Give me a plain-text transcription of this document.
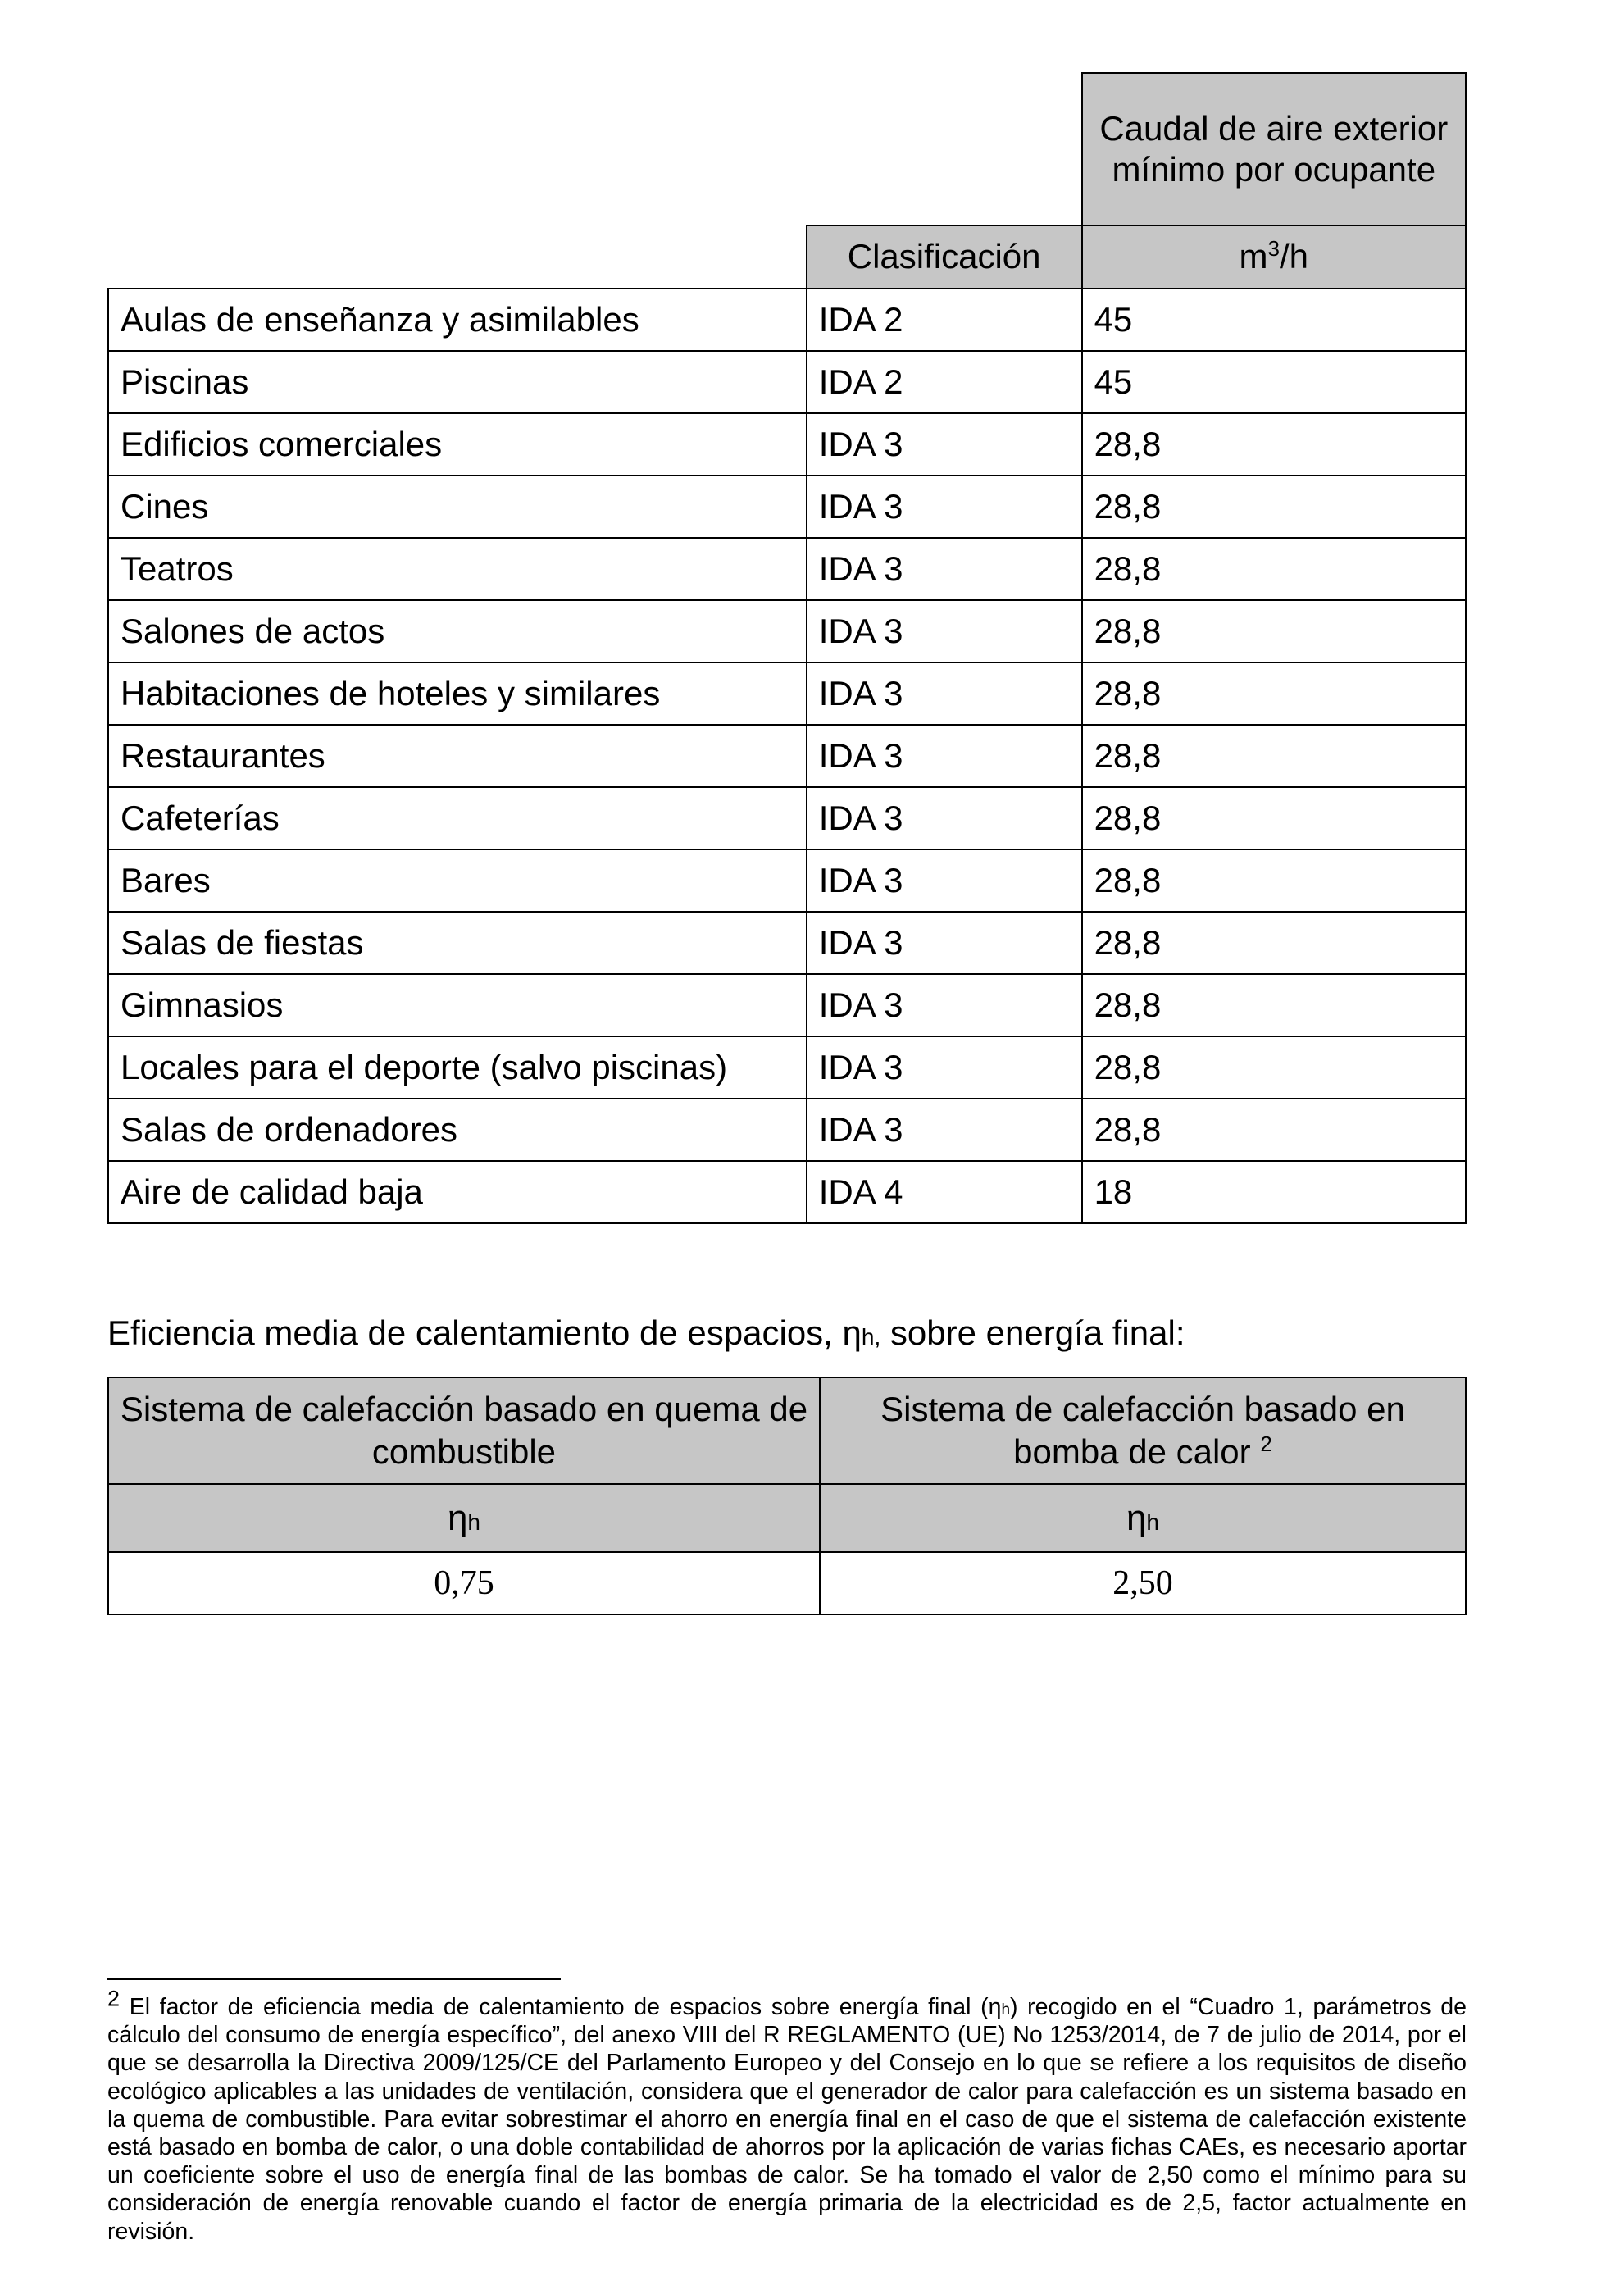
		Caudal de aire exterior mínimo por ocupante
	Clasificación	$m^3/h$
Aulas de enseñanza y asimilables	IDA 2	45
Piscinas	IDA 2	45
Edificios comerciales	IDA 3	28,8
Cines	IDA 3	28,8
Teatros	IDA 3	28,8
Salones de actos	IDA 3	28,8
Habitaciones de hoteles y similares	IDA 3	28,8
Restaurantes	IDA 3	28,8
Cafeterías	IDA 3	28,8
Bares	IDA 3	28,8
Salas de fiestas	IDA 3	28,8
Gimnasios	IDA 3	28,8
Locales para el deporte (salvo piscinas)	IDA 3	28,8
Salas de ordenadores	IDA 3	28,8
Aire de calidad baja	IDA 4	18
Eficiencia media de calentamiento de espacios, ηh, sobre energía final:
Sistema de calefacción basado en quema de combustible	Sistema de calefacción basado en bomba de calor $^2$
ηh	ηh
0,75	2,50
2 El factor de eficiencia media de calentamiento de espacios sobre energía final (ηh) recogido en el “Cuadro 1, parámetros de cálculo del consumo de energía específico”, del anexo VIII del R REGLAMENTO (UE) No 1253/2014, de 7 de julio de 2014, por el que se desarrolla la Directiva 2009/125/CE del Parlamento Europeo y del Consejo en lo que se refiere a los requisitos de diseño ecológico aplicables a las unidades de ventilación, considera que el generador de calor para calefacción es un sistema basado en la quema de combustible. Para evitar sobrestimar el ahorro en energía final en el caso de que el sistema de calefacción existente está basado en bomba de calor, o una doble contabilidad de ahorros por la aplicación de varias fichas CAEs, es necesario aportar un coeficiente sobre el uso de energía final de las bombas de calor. Se ha tomado el valor de 2,50 como el mínimo para su consideración de energía renovable cuando el factor de energía primaria de la electricidad es de 2,5, factor actualmente en revisión.
